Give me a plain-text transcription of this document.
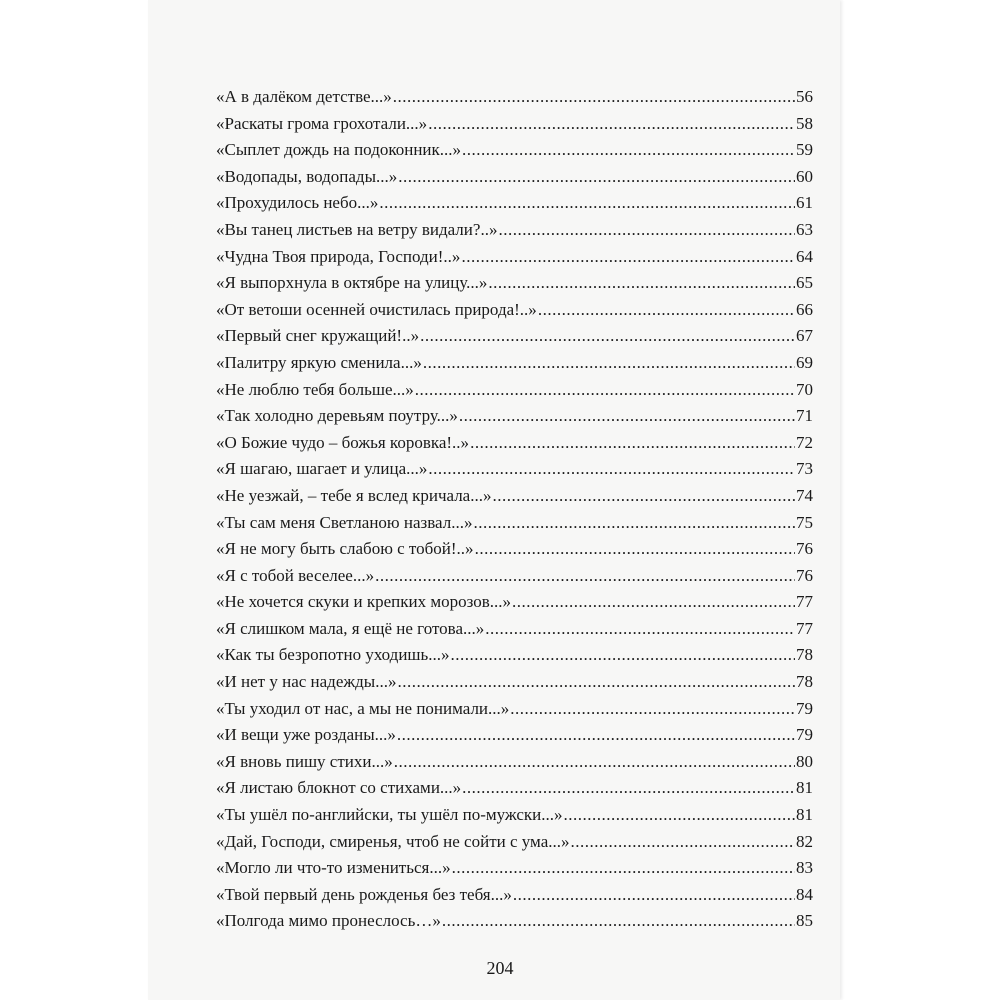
«А в далёком детстве...» .....	56
«Раскаты грома грохотали...» .....	58
«Сыплет дождь на подоконник...» .....	59
«Водопады, водопады...» .....	60
«Прохудилось небо...» .....	61
«Вы танец листьев на ветру видали?..» .....	63
«Чудна Твоя природа, Господи!..» .....	64
«Я выпорхнула в октябре на улицу...» .....	65
«От ветоши осенней очистилась природа!..» .....	66
«Первый снег кружащий!..» .....	67
«Палитру яркую сменила...» .....	69
«Не люблю тебя больше...» .....	70
«Так холодно деревьям поутру...» .....	71
«О Божие чудо – божья коровка!..» .....	72
«Я шагаю, шагает и улица...» .....	73
«Не уезжай, – тебе я вслед кричала...» .....	74
«Ты сам меня Светланою назвал...» .....	75
«Я не могу быть слабою с тобой!..» .....	76
«Я с тобой веселее...» .....	76
«Не хочется скуки и крепких морозов...» .....	77
«Я слишком мала, я ещё не готова...» .....	77
«Как ты безропотно уходишь...» .....	78
«И нет у нас надежды...» .....	78
«Ты уходил от нас, а мы не понимали...» .....	79
«И вещи уже розданы...» .....	79
«Я вновь пишу стихи...» .....	80
«Я листаю блокнот со стихами...» .....	81
«Ты ушёл по-английски, ты ушёл по-мужски...» .....	81
«Дай, Господи, смиренья, чтоб не сойти с ума...» .....	82
«Могло ли что-то измениться...» .....	83
«Твой первый день рожденья без тебя...» .....	84
«Полгода мимо пронеслось…» .....	85
204
